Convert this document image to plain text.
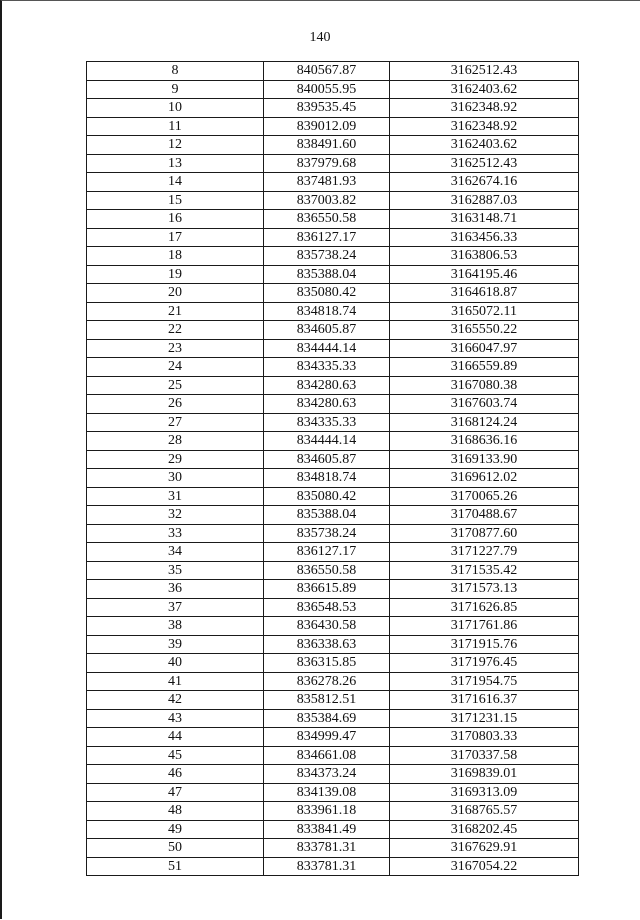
140
8	840567.87	3162512.43
9	840055.95	3162403.62
10	839535.45	3162348.92
11	839012.09	3162348.92
12	838491.60	3162403.62
13	837979.68	3162512.43
14	837481.93	3162674.16
15	837003.82	3162887.03
16	836550.58	3163148.71
17	836127.17	3163456.33
18	835738.24	3163806.53
19	835388.04	3164195.46
20	835080.42	3164618.87
21	834818.74	3165072.11
22	834605.87	3165550.22
23	834444.14	3166047.97
24	834335.33	3166559.89
25	834280.63	3167080.38
26	834280.63	3167603.74
27	834335.33	3168124.24
28	834444.14	3168636.16
29	834605.87	3169133.90
30	834818.74	3169612.02
31	835080.42	3170065.26
32	835388.04	3170488.67
33	835738.24	3170877.60
34	836127.17	3171227.79
35	836550.58	3171535.42
36	836615.89	3171573.13
37	836548.53	3171626.85
38	836430.58	3171761.86
39	836338.63	3171915.76
40	836315.85	3171976.45
41	836278.26	3171954.75
42	835812.51	3171616.37
43	835384.69	3171231.15
44	834999.47	3170803.33
45	834661.08	3170337.58
46	834373.24	3169839.01
47	834139.08	3169313.09
48	833961.18	3168765.57
49	833841.49	3168202.45
50	833781.31	3167629.91
51	833781.31	3167054.22
